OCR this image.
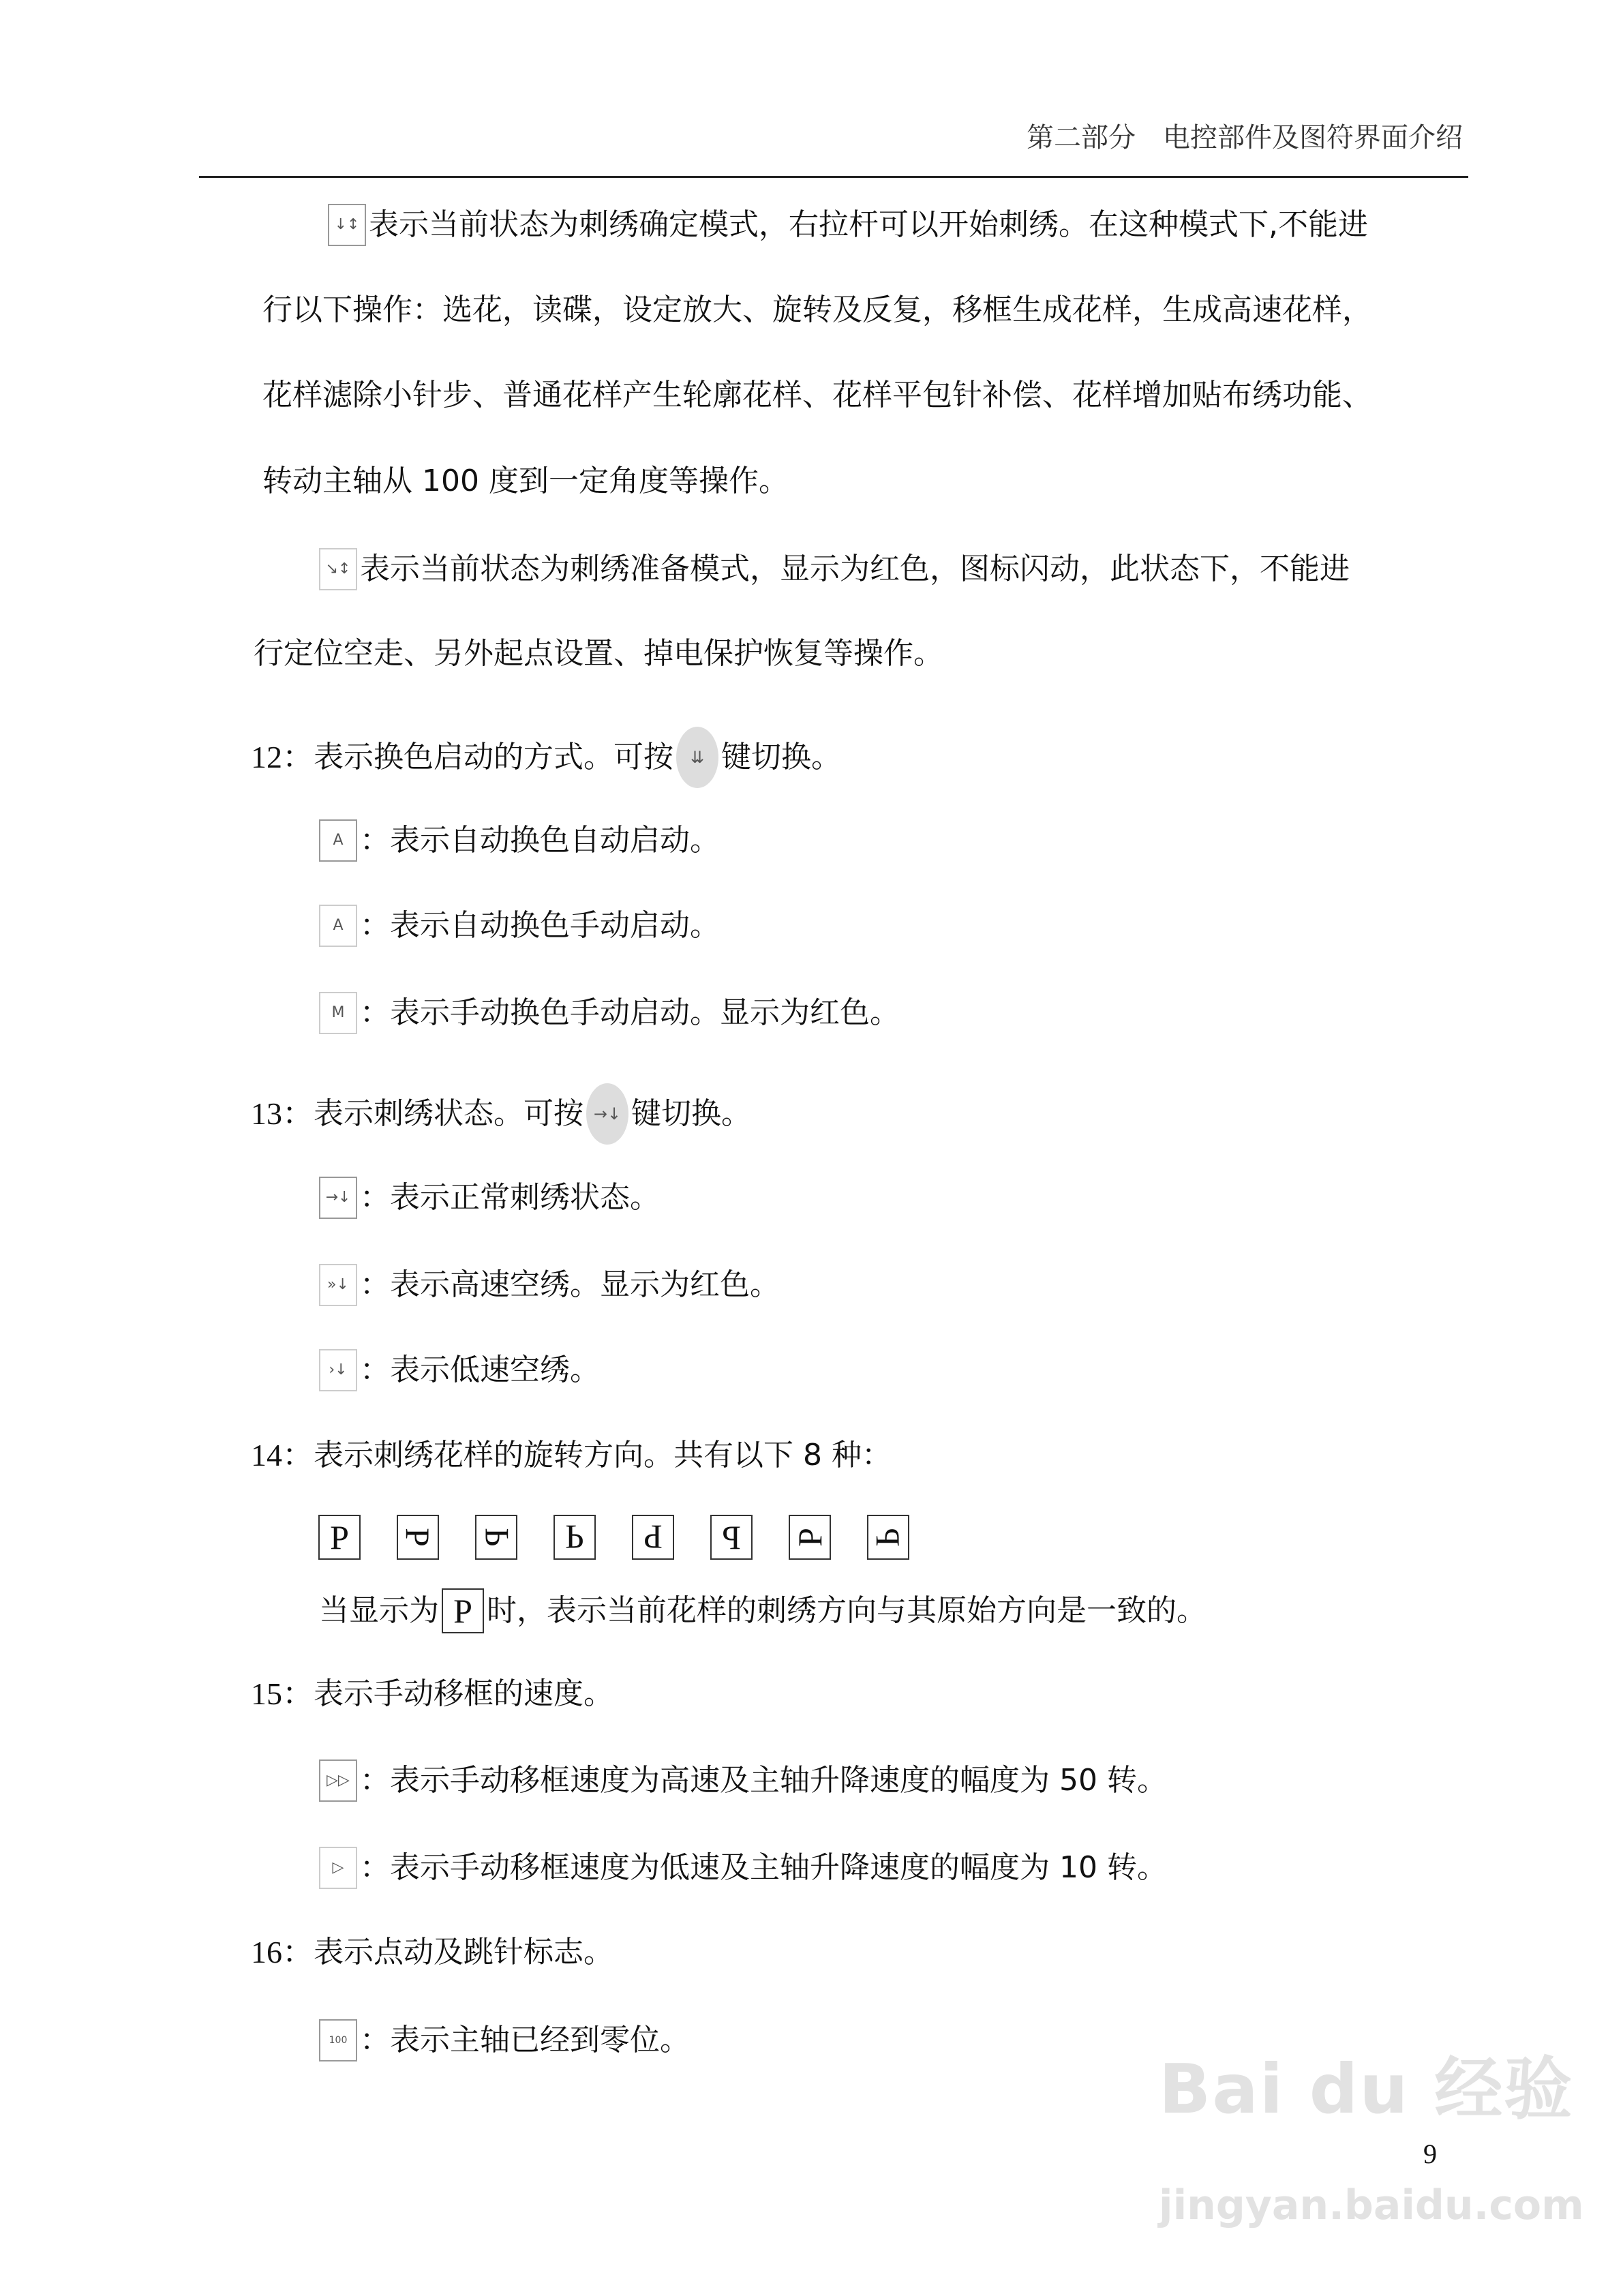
第二部分　电控部件及图符界面介绍
↓↕ 表示当前状态为刺绣确定模式，右拉杆可以开始刺绣。在这种模式下,不能进
行以下操作：选花，读碟，设定放大、旋转及反复，移框生成花样，生成高速花样，
花样滤除小针步、普通花样产生轮廓花样、花样平包针补偿、花样增加贴布绣功能、
转动主轴从 100 度到一定角度等操作。
↘↕ 表示当前状态为刺绣准备模式，显示为红色，图标闪动，此状态下，不能进
行定位空走、另外起点设置、掉电保护恢复等操作。
12： 表示换色启动的方式。可按	⇊ 键切换。
A ：表示自动换色自动启动。
A ：表示自动换色手动启动。
M ：表示手动换色手动启动。显示为红色。
13： 表示刺绣状态。可按 →↓ 键切换。
→↓ ：表示正常刺绣状态。
»↓ ：表示高速空绣。显示为红色。
›↓ ：表示低速空绣。
14： 表示刺绣花样的旋转方向。共有以下 8 种：
P	P P	P	P	P	P P
当显示为 P 时，表示当前花样的刺绣方向与其原始方向是一致的。
15： 表示手动移框的速度。
▷▷ ：表示手动移框速度为高速及主轴升降速度的幅度为 50 转。
▷ ：表示手动移框速度为低速及主轴升降速度的幅度为 10 转。
16： 表示点动及跳针标志。
100 ：表示主轴已经到零位。
Bai du 经验
9
jingyan.baidu.com
